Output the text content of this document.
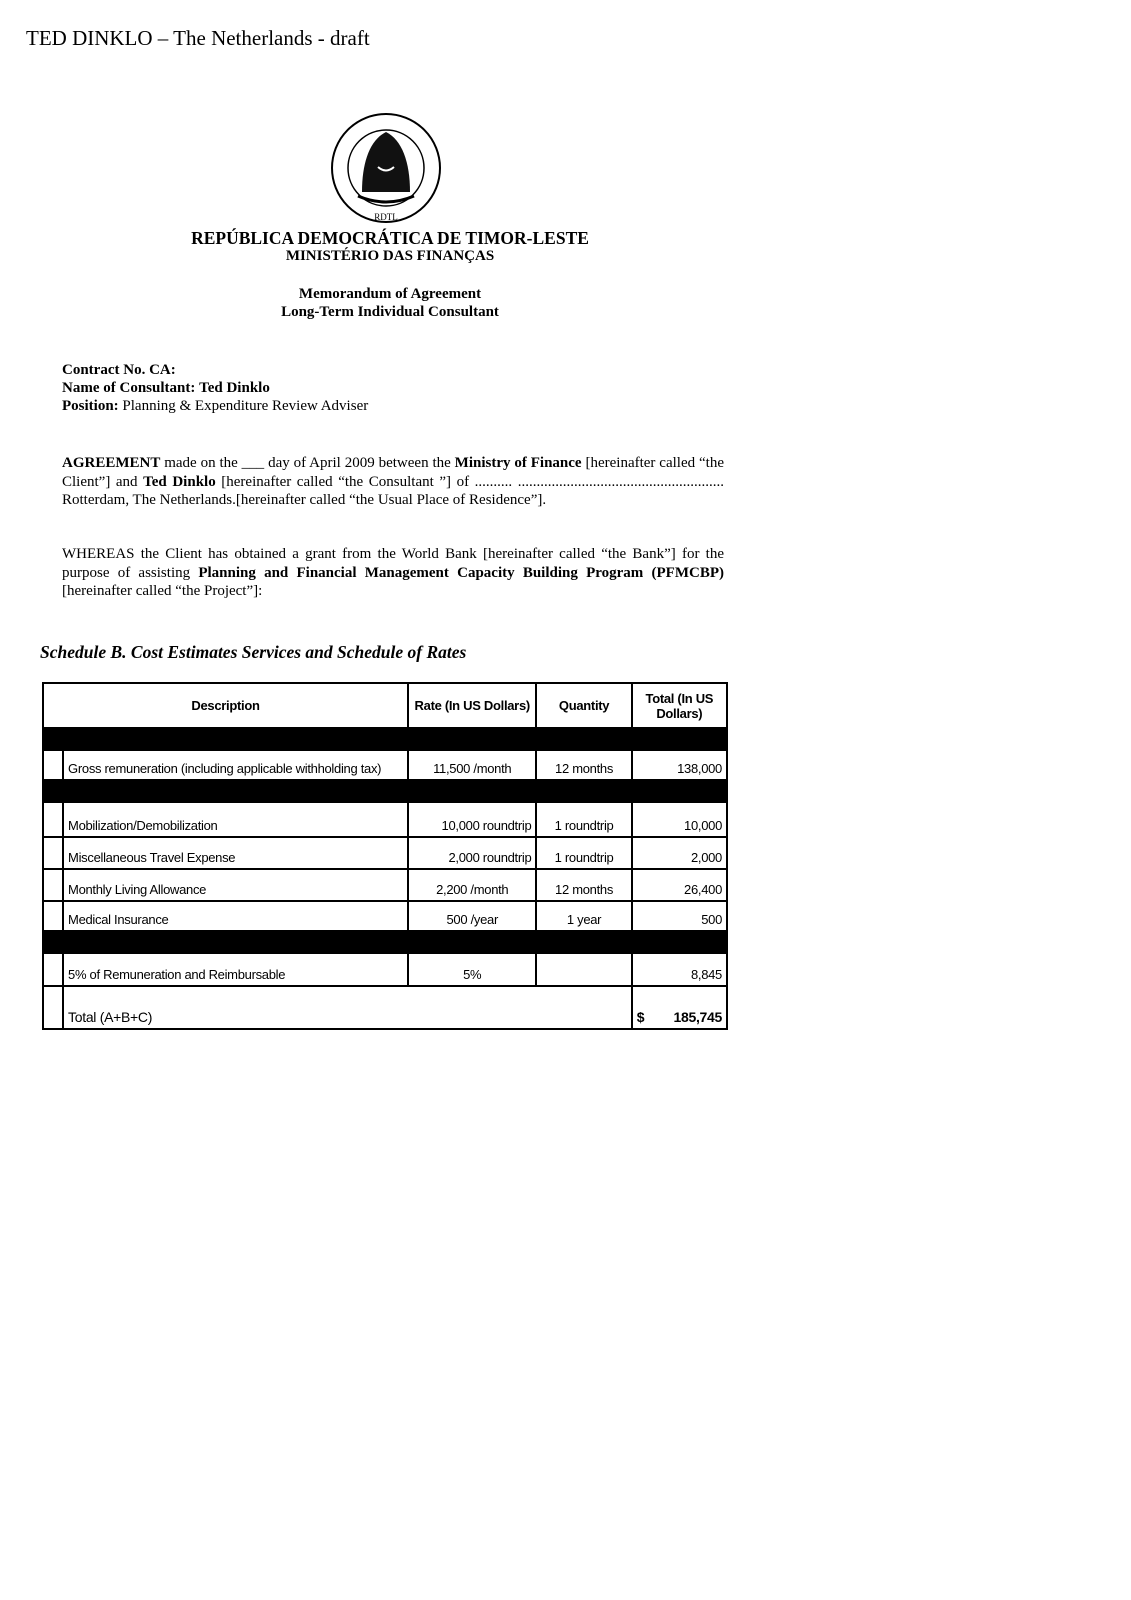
TED DINKLO – The Netherlands - draft
RDTL
REPÚBLICA DEMOCRÁTICA DE TIMOR-LESTE
MINISTÉRIO DAS FINANÇAS
Memorandum of Agreement
Long-Term Individual Consultant
Contract No. CA:
Name of Consultant: Ted Dinklo
Position: Planning & Expenditure Review Adviser
AGREEMENT made on the ___ day of April 2009 between the Ministry of Finance [hereinafter called “the Client”] and Ted Dinklo [hereinafter called “the Consultant ”] of .......... ....................................................... Rotterdam, The Netherlands.[hereinafter called “the Usual Place of Residence”].
WHEREAS the Client has obtained a grant from the World Bank [hereinafter called “the Bank”] for the purpose of assisting Planning and Financial Management Capacity Building Program (PFMCBP) [hereinafter called “the Project”]:
Schedule B. Cost Estimates Services and Schedule of Rates
Description		Rate (In US Dollars)	Quantity	Total (In US Dollars)

	Gross remuneration (including applicable withholding tax)	11,500 /month	12 months	138,000

	Mobilization/Demobilization	10,000 roundtrip	1 roundtrip	10,000
	Miscellaneous Travel Expense	2,000 roundtrip	1 roundtrip	2,000
	Monthly Living Allowance	2,200 /month	12 months	26,400
	Medical Insurance	500 /year	1 year	500

	5% of Remuneration and Reimbursable	5%		8,845
	Total (A+B+C)			$ 185,745
